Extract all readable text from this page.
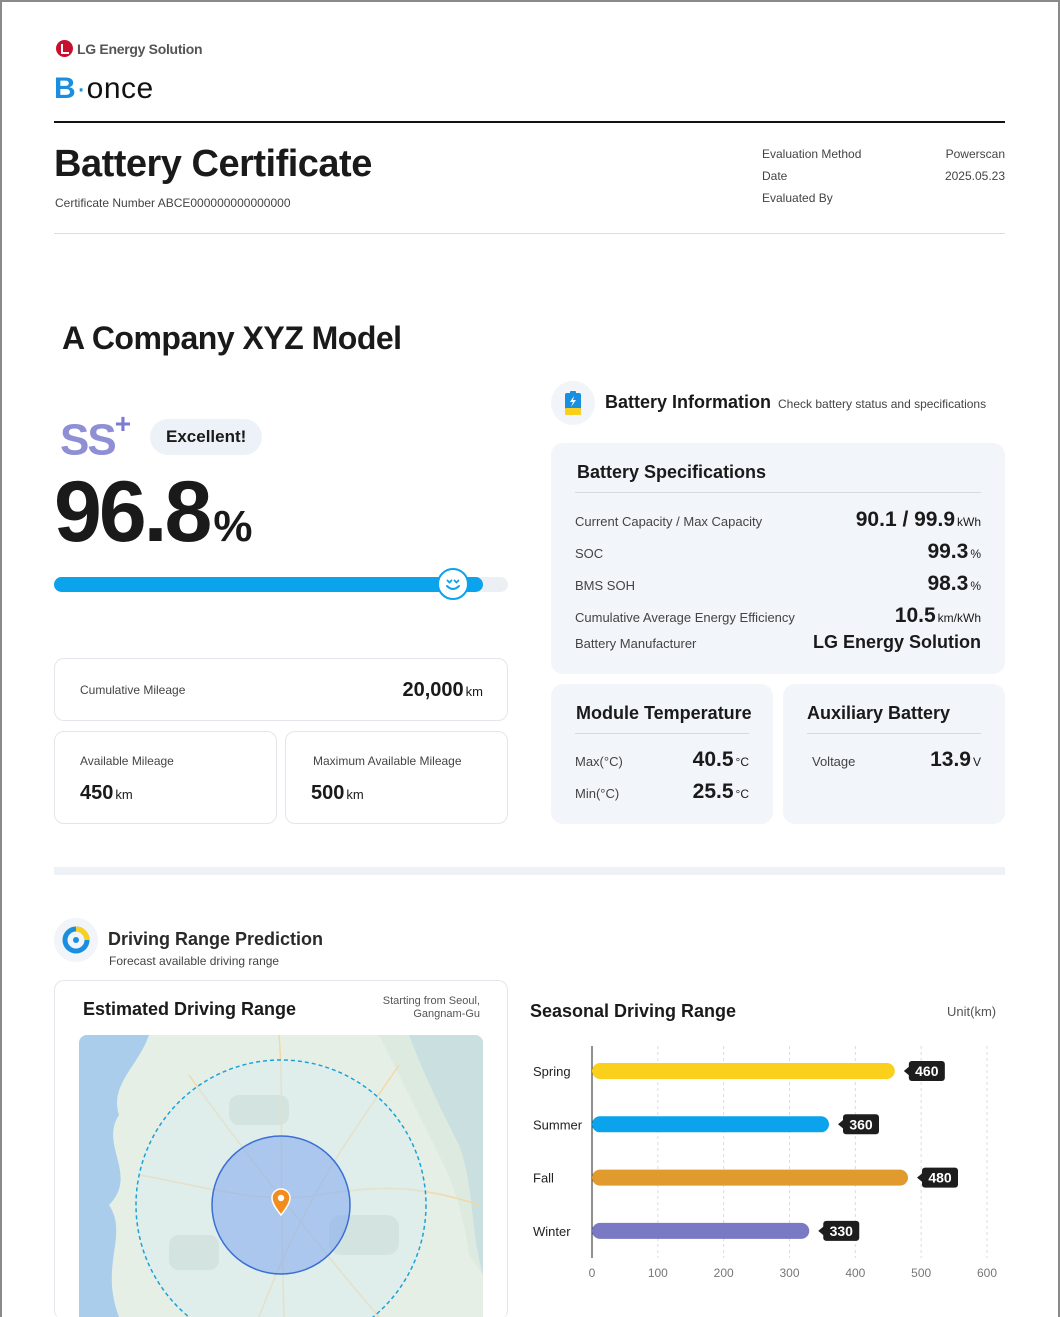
LG Energy Solution
B·once
Battery Certificate
Certificate Number ABCE000000000000000
Evaluation Method	Powerscan
Date	2025.05.23
Evaluated By
A Company XYZ Model
SS+	Excellent!
96.8%
Cumulative Mileage	20,000 km
Available Mileage
450 km
Maximum Available Mileage
500 km
Battery Information Check battery status and specifications
Battery Specifications
Current Capacity / Max Capacity	90.1 / 99.9 kWh
SOC	99.3 %
BMS SOH	98.3 %
Cumulative Average Energy Efficiency	10.5 km/kWh
Battery Manufacturer	LG Energy Solution
Module Temperature
Max(°C)	40.5 °C
Min(°C)	25.5 °C
Auxiliary Battery
Voltage	13.9 V
Driving Range Prediction
Forecast available driving range
Estimated Driving Range	Starting from Seoul,
Gangnam-Gu	Seasonal Driving Range	Unit(km)
0	100	200	300	400	500	600
Spring	460
Summer	360
Fall	480
Winter	330
